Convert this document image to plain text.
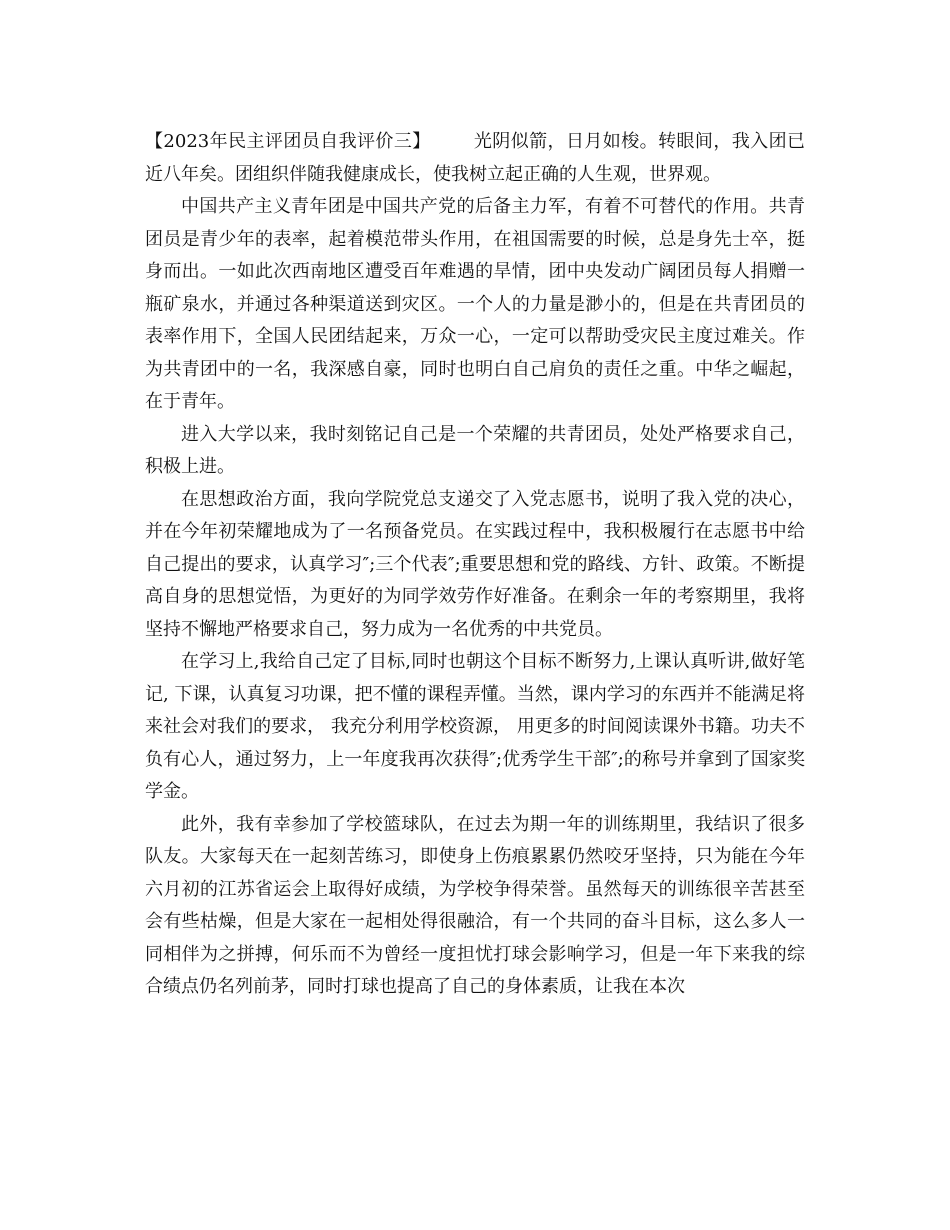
【2023年民主评团员自我评价三】 光阴似箭，日月如梭。转眼间，我入团已近八年矣。团组织伴随我健康成长，使我树立起正确的人生观，世界观。

中国共产主义青年团是中国共产党的后备主力军，有着不可替代的作用。共青团员是青少年的表率，起着模范带头作用，在祖国需要的时候，总是身先士卒，挺身而出。一如此次西南地区遭受百年难遇的旱情，团中央发动广阔团员每人捐赠一瓶矿泉水，并通过各种渠道送到灾区。一个人的力量是渺小的，但是在共青团员的表率作用下，全国人民团结起来，万众一心，一定可以帮助受灾民主度过难关。作为共青团中的一名，我深感自豪，同时也明白自己肩负的责任之重。中华之崛起，在于青年。

进入大学以来，我时刻铭记自己是一个荣耀的共青团员，处处严格要求自己，积极上进。

在思想政治方面，我向学院党总支递交了入党志愿书，说明了我入党的决心，并在今年初荣耀地成为了一名预备党员。在实践过程中，我积极履行在志愿书中给自己提出的要求，认真学习″;三个代表″;重要思想和党的路线、方针、政策。不断提高自身的思想觉悟，为更好的为同学效劳作好准备。在剩余一年的考察期里，我将坚持不懈地严格要求自己，努力成为一名优秀的中共党员。

在学习上,我给自己定了目标,同时也朝这个目标不断努力,上课认真听讲,做好笔记, 下课，认真复习功课，把不懂的课程弄懂。当然，课内学习的东西并不能满足将来社会对我们的要求， 我充分利用学校资源， 用更多的时间阅读课外书籍。功夫不负有心人，通过努力，上一年度我再次获得″;优秀学生干部″;的称号并拿到了国家奖学金。

此外，我有幸参加了学校篮球队，在过去为期一年的训练期里，我结识了很多队友。大家每天在一起刻苦练习，即使身上伤痕累累仍然咬牙坚持，只为能在今年六月初的江苏省运会上取得好成绩，为学校争得荣誉。虽然每天的训练很辛苦甚至会有些枯燥，但是大家在一起相处得很融洽，有一个共同的奋斗目标，这么多人一同相伴为之拼搏，何乐而不为曾经一度担忧打球会影响学习，但是一年下来我的综合绩点仍名列前茅，同时打球也提高了自己的身体素质，让我在本次
